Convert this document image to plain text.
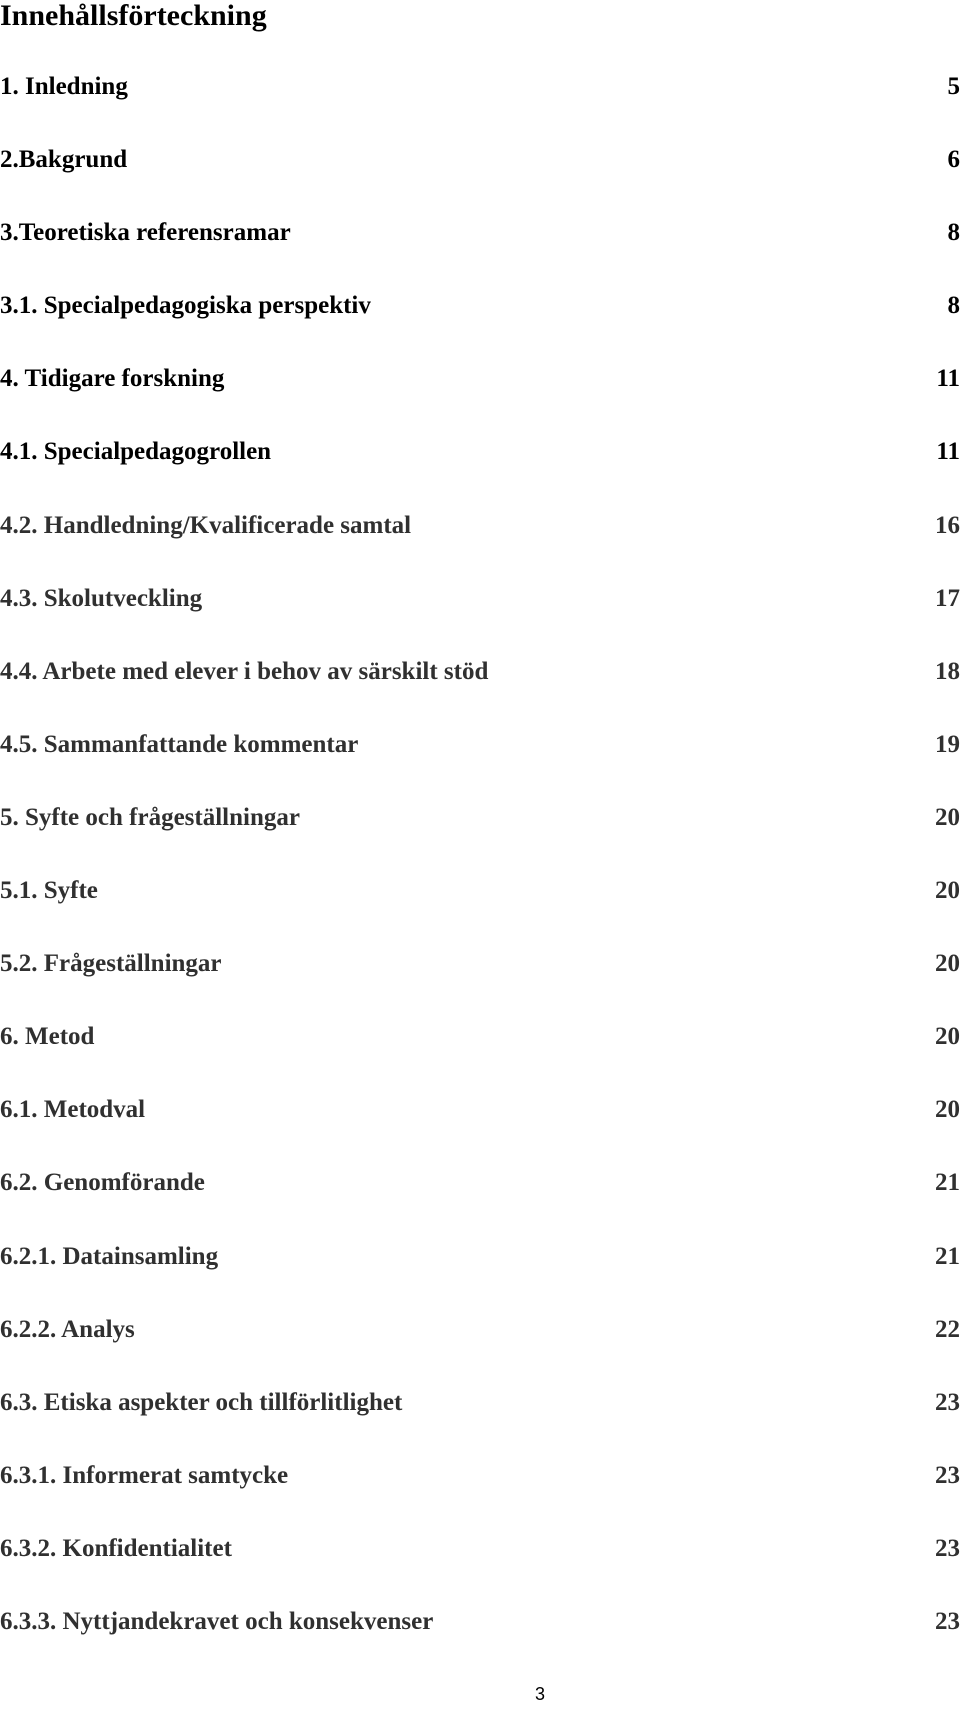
Innehållsförteckning
1. Inledning	5
2.Bakgrund	6
3.Teoretiska referensramar	8
3.1. Specialpedagogiska perspektiv	8
4. Tidigare forskning	11
4.1. Specialpedagogrollen	11
4.2. Handledning/Kvalificerade samtal	16
4.3. Skolutveckling	17
4.4. Arbete med elever i behov av särskilt stöd	18
4.5. Sammanfattande kommentar	19
5. Syfte och frågeställningar	20
5.1. Syfte	20
5.2. Frågeställningar	20
6. Metod	20
6.1. Metodval	20
6.2. Genomförande	21
6.2.1. Datainsamling	21
6.2.2. Analys	22
6.3. Etiska aspekter och tillförlitlighet	23
6.3.1. Informerat samtycke	23
6.3.2. Konfidentialitet	23
6.3.3. Nyttjandekravet och konsekvenser	23
3
